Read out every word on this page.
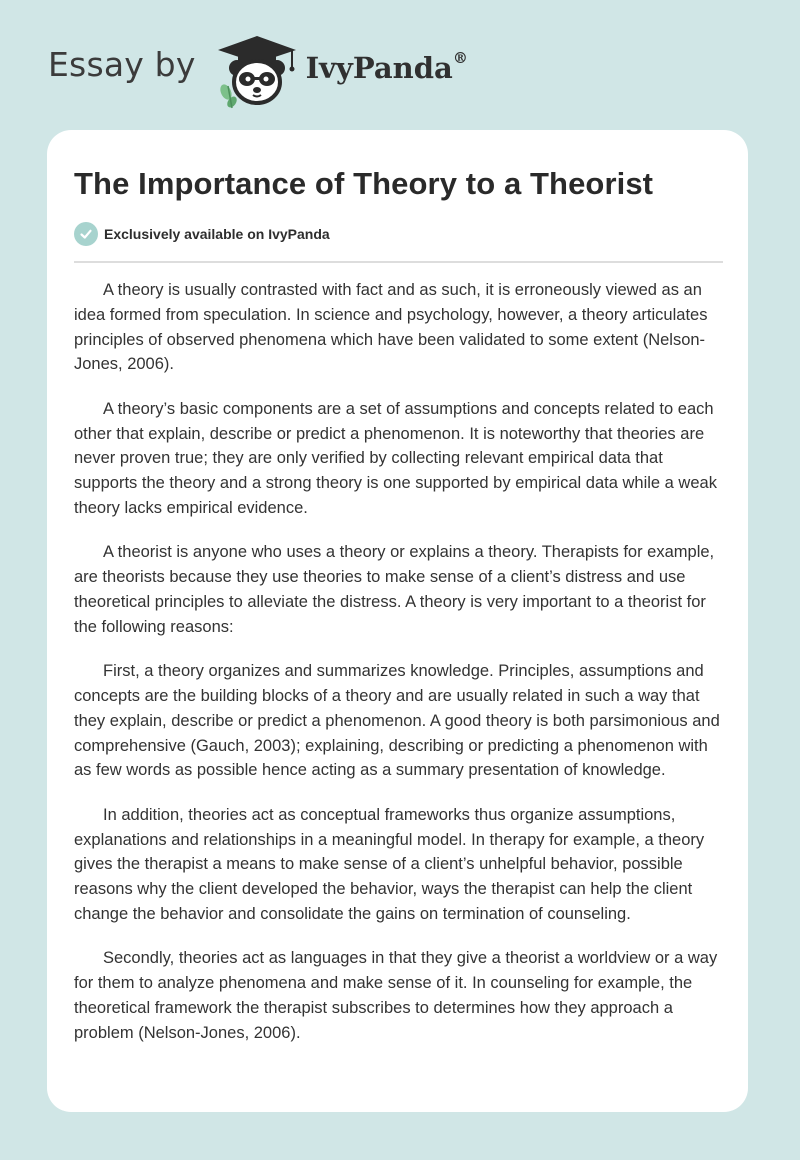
Essay by	IvyPanda®
The Importance of Theory to a Theorist
Exclusively available on IvyPanda

A theory is usually contrasted with fact and as such, it is erroneously viewed as an idea formed from speculation. In science and psychology, however, a theory articulates principles of observed phenomena which have been validated to some extent (Nelson-Jones, 2006).

A theory’s basic components are a set of assumptions and concepts related to each other that explain, describe or predict a phenomenon. It is noteworthy that theories are never proven true; they are only verified by collecting relevant empirical data that supports the theory and a strong theory is one supported by empirical data while a weak theory lacks empirical evidence.

A theorist is anyone who uses a theory or explains a theory. Therapists for example, are theorists because they use theories to make sense of a client’s distress and use theoretical principles to alleviate the distress. A theory is very important to a theorist for the following reasons:

First, a theory organizes and summarizes knowledge. Principles, assumptions and concepts are the building blocks of a theory and are usually related in such a way that they explain, describe or predict a phenomenon. A good theory is both parsimonious and comprehensive (Gauch, 2003); explaining, describing or predicting a phenomenon with as few words as possible hence acting as a summary presentation of knowledge.

In addition, theories act as conceptual frameworks thus organize assumptions, explanations and relationships in a meaningful model. In therapy for example, a theory gives the therapist a means to make sense of a client’s unhelpful behavior, possible reasons why the client developed the behavior, ways the therapist can help the client change the behavior and consolidate the gains on termination of counseling.

Secondly, theories act as languages in that they give a theorist a worldview or a way for them to analyze phenomena and make sense of it. In counseling for example, the theoretical framework the therapist subscribes to determines how they approach a problem (Nelson-Jones, 2006).
